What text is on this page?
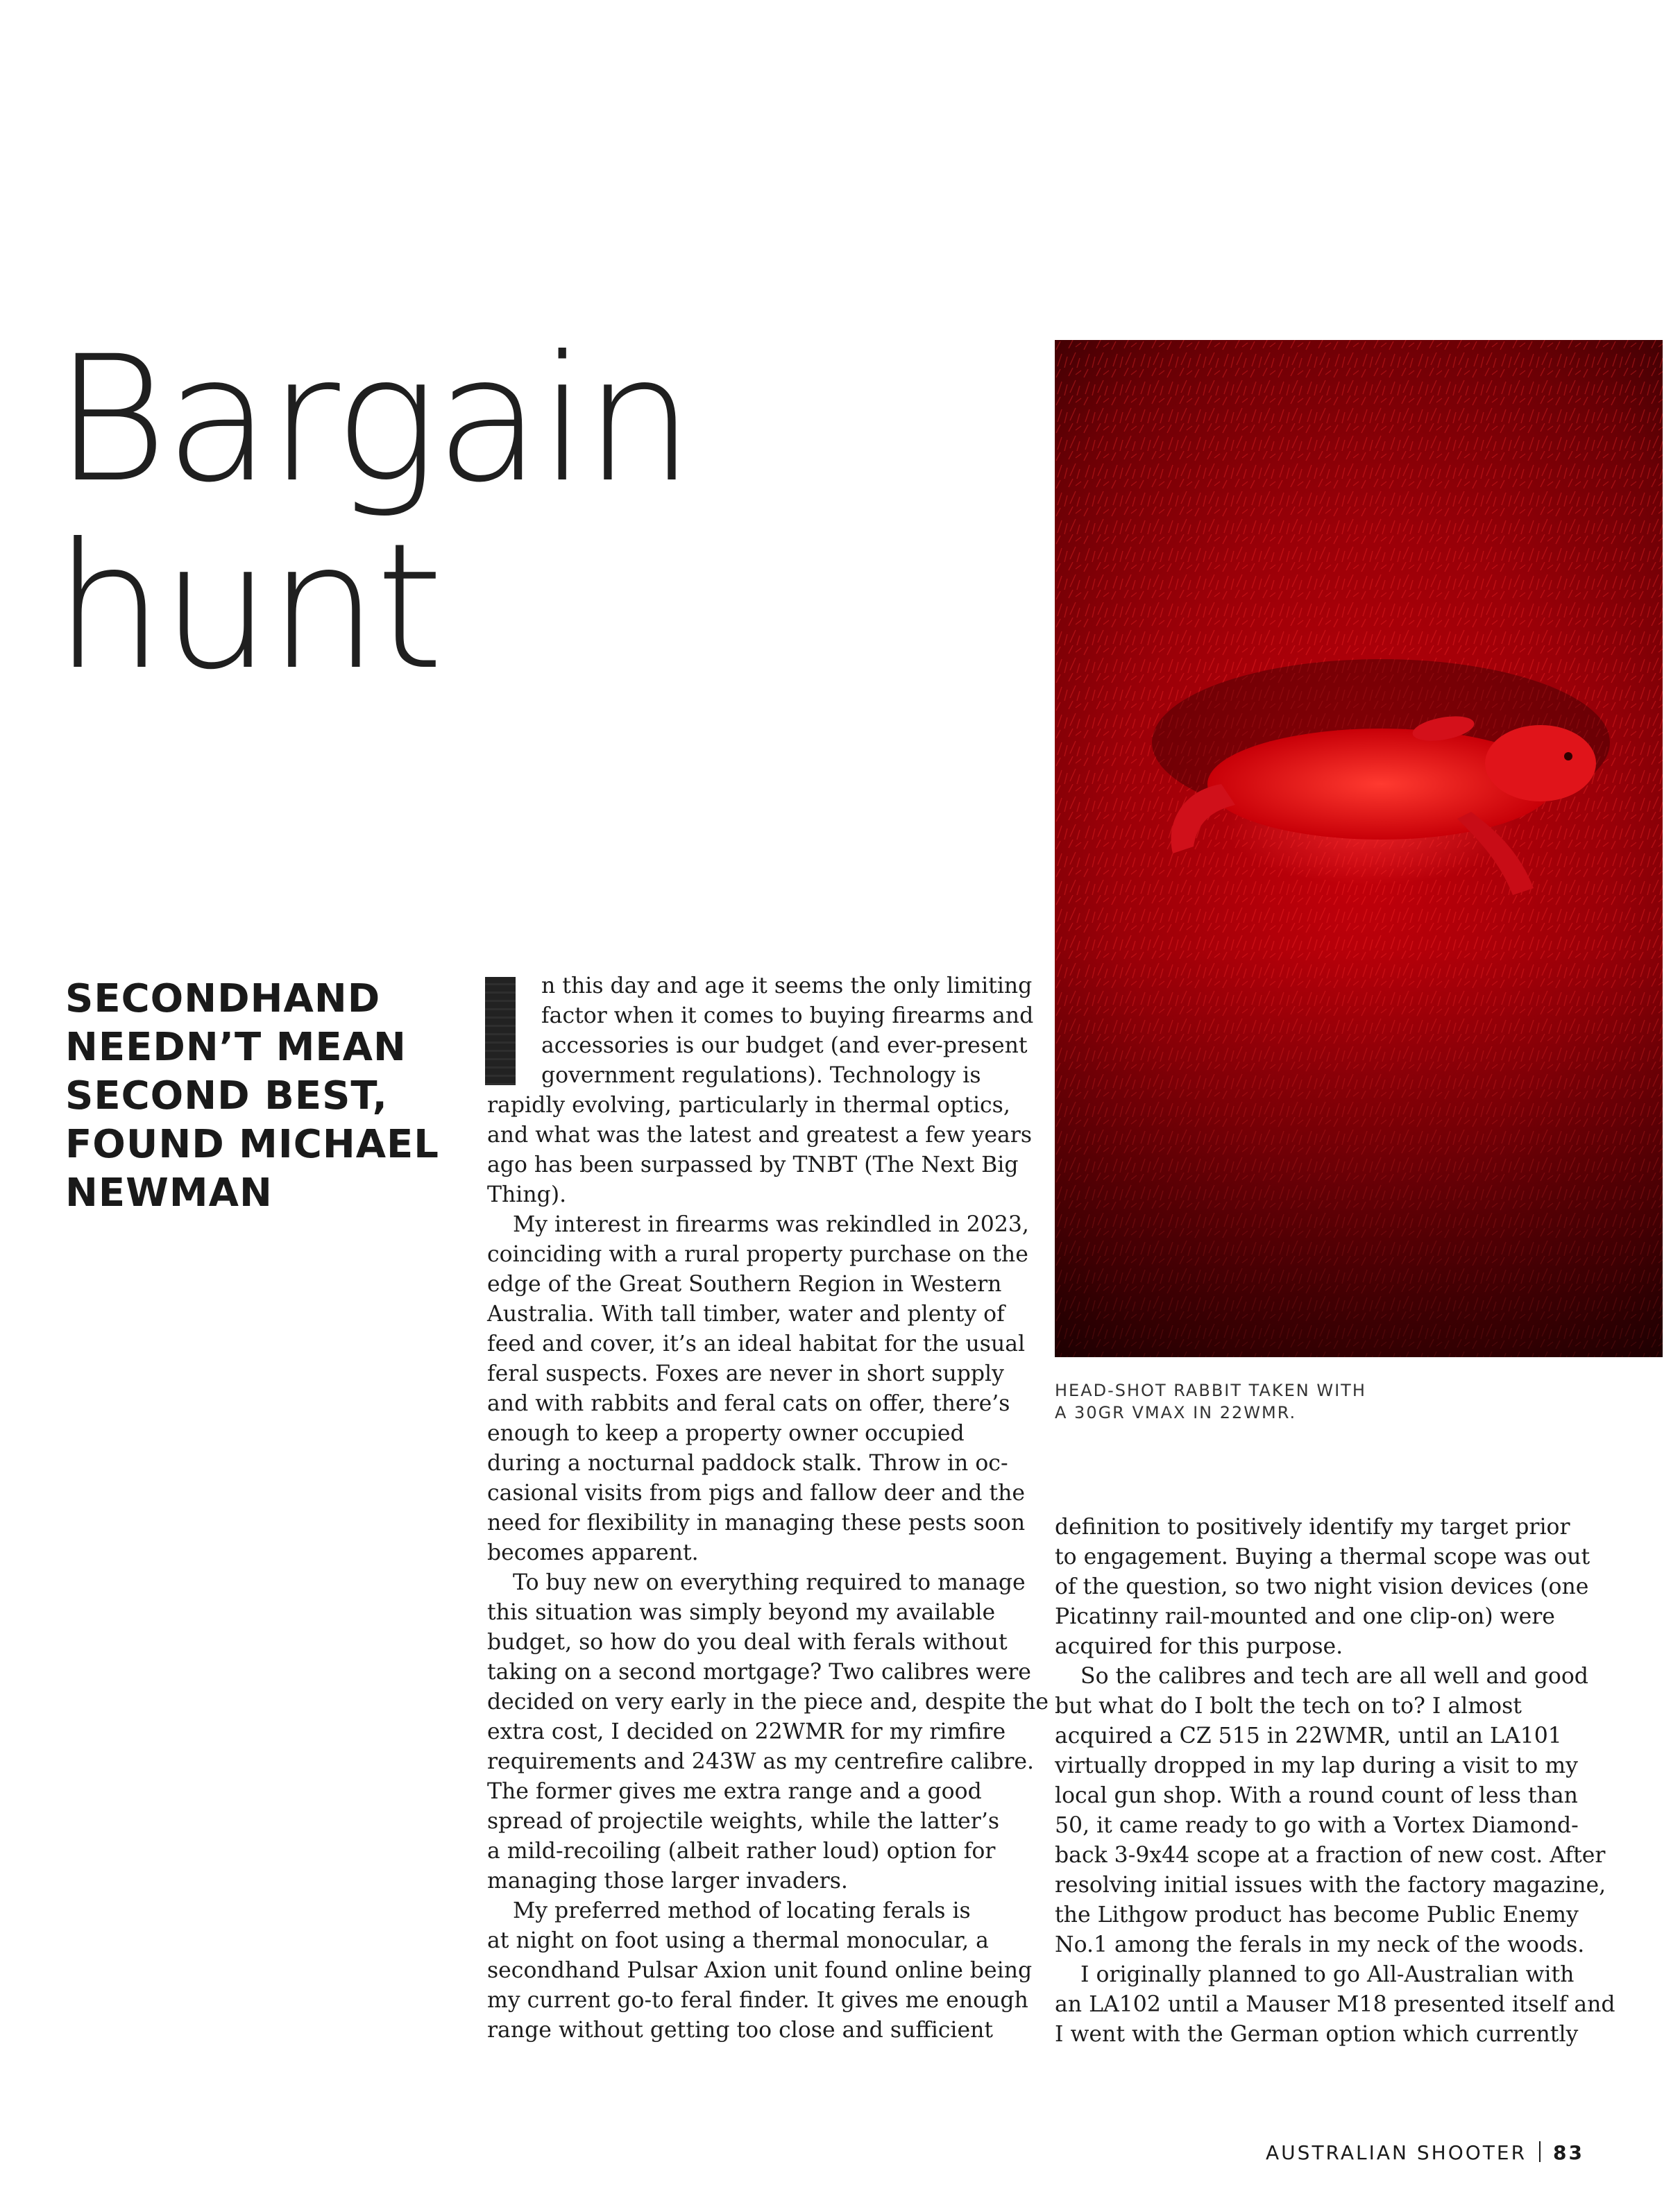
Bargain
hunt

SECONDHAND
NEEDN’T MEAN
SECOND BEST,
FOUND MICHAEL
NEWMAN

n this day and age it seems the only limiting
factor when it comes to buying firearms and
accessories is our budget (and ever-present
government regulations). Technology is
rapidly evolving, particularly in thermal optics,
and what was the latest and greatest a few years
ago has been surpassed by TNBT (The Next Big
Thing).
My interest in firearms was rekindled in 2023,
coinciding with a rural property purchase on the
edge of the Great Southern Region in Western
Australia. With tall timber, water and plenty of
feed and cover, it’s an ideal habitat for the usual
feral suspects. Foxes are never in short supply
and with rabbits and feral cats on offer, there’s
enough to keep a property owner occupied
during a nocturnal paddock stalk. Throw in oc-
casional visits from pigs and fallow deer and the
need for flexibility in managing these pests soon
becomes apparent.
To buy new on everything required to manage
this situation was simply beyond my available
budget, so how do you deal with ferals without
taking on a second mortgage? Two calibres were
decided on very early in the piece and, despite the
extra cost, I decided on 22WMR for my rimfire
requirements and 243W as my centrefire calibre.
The former gives me extra range and a good
spread of projectile weights, while the latter’s
a mild-recoiling (albeit rather loud) option for
managing those larger invaders.
My preferred method of locating ferals is
at night on foot using a thermal monocular, a
secondhand Pulsar Axion unit found online being
my current go-to feral finder. It gives me enough
range without getting too close and sufficient

HEAD-SHOT RABBIT TAKEN WITH
A 30GR VMAX IN 22WMR.

definition to positively identify my target prior
to engagement. Buying a thermal scope was out
of the question, so two night vision devices (one
Picatinny rail-mounted and one clip-on) were
acquired for this purpose.
So the calibres and tech are all well and good
but what do I bolt the tech on to? I almost
acquired a CZ 515 in 22WMR, until an LA101
virtually dropped in my lap during a visit to my
local gun shop. With a round count of less than
50, it came ready to go with a Vortex Diamond-
back 3-9x44 scope at a fraction of new cost. After
resolving initial issues with the factory magazine,
the Lithgow product has become Public Enemy
No.1 among the ferals in my neck of the woods.
I originally planned to go All-Australian with
an LA102 until a Mauser M18 presented itself and
I went with the German option which currently

AUSTRALIAN SHOOTER 83
